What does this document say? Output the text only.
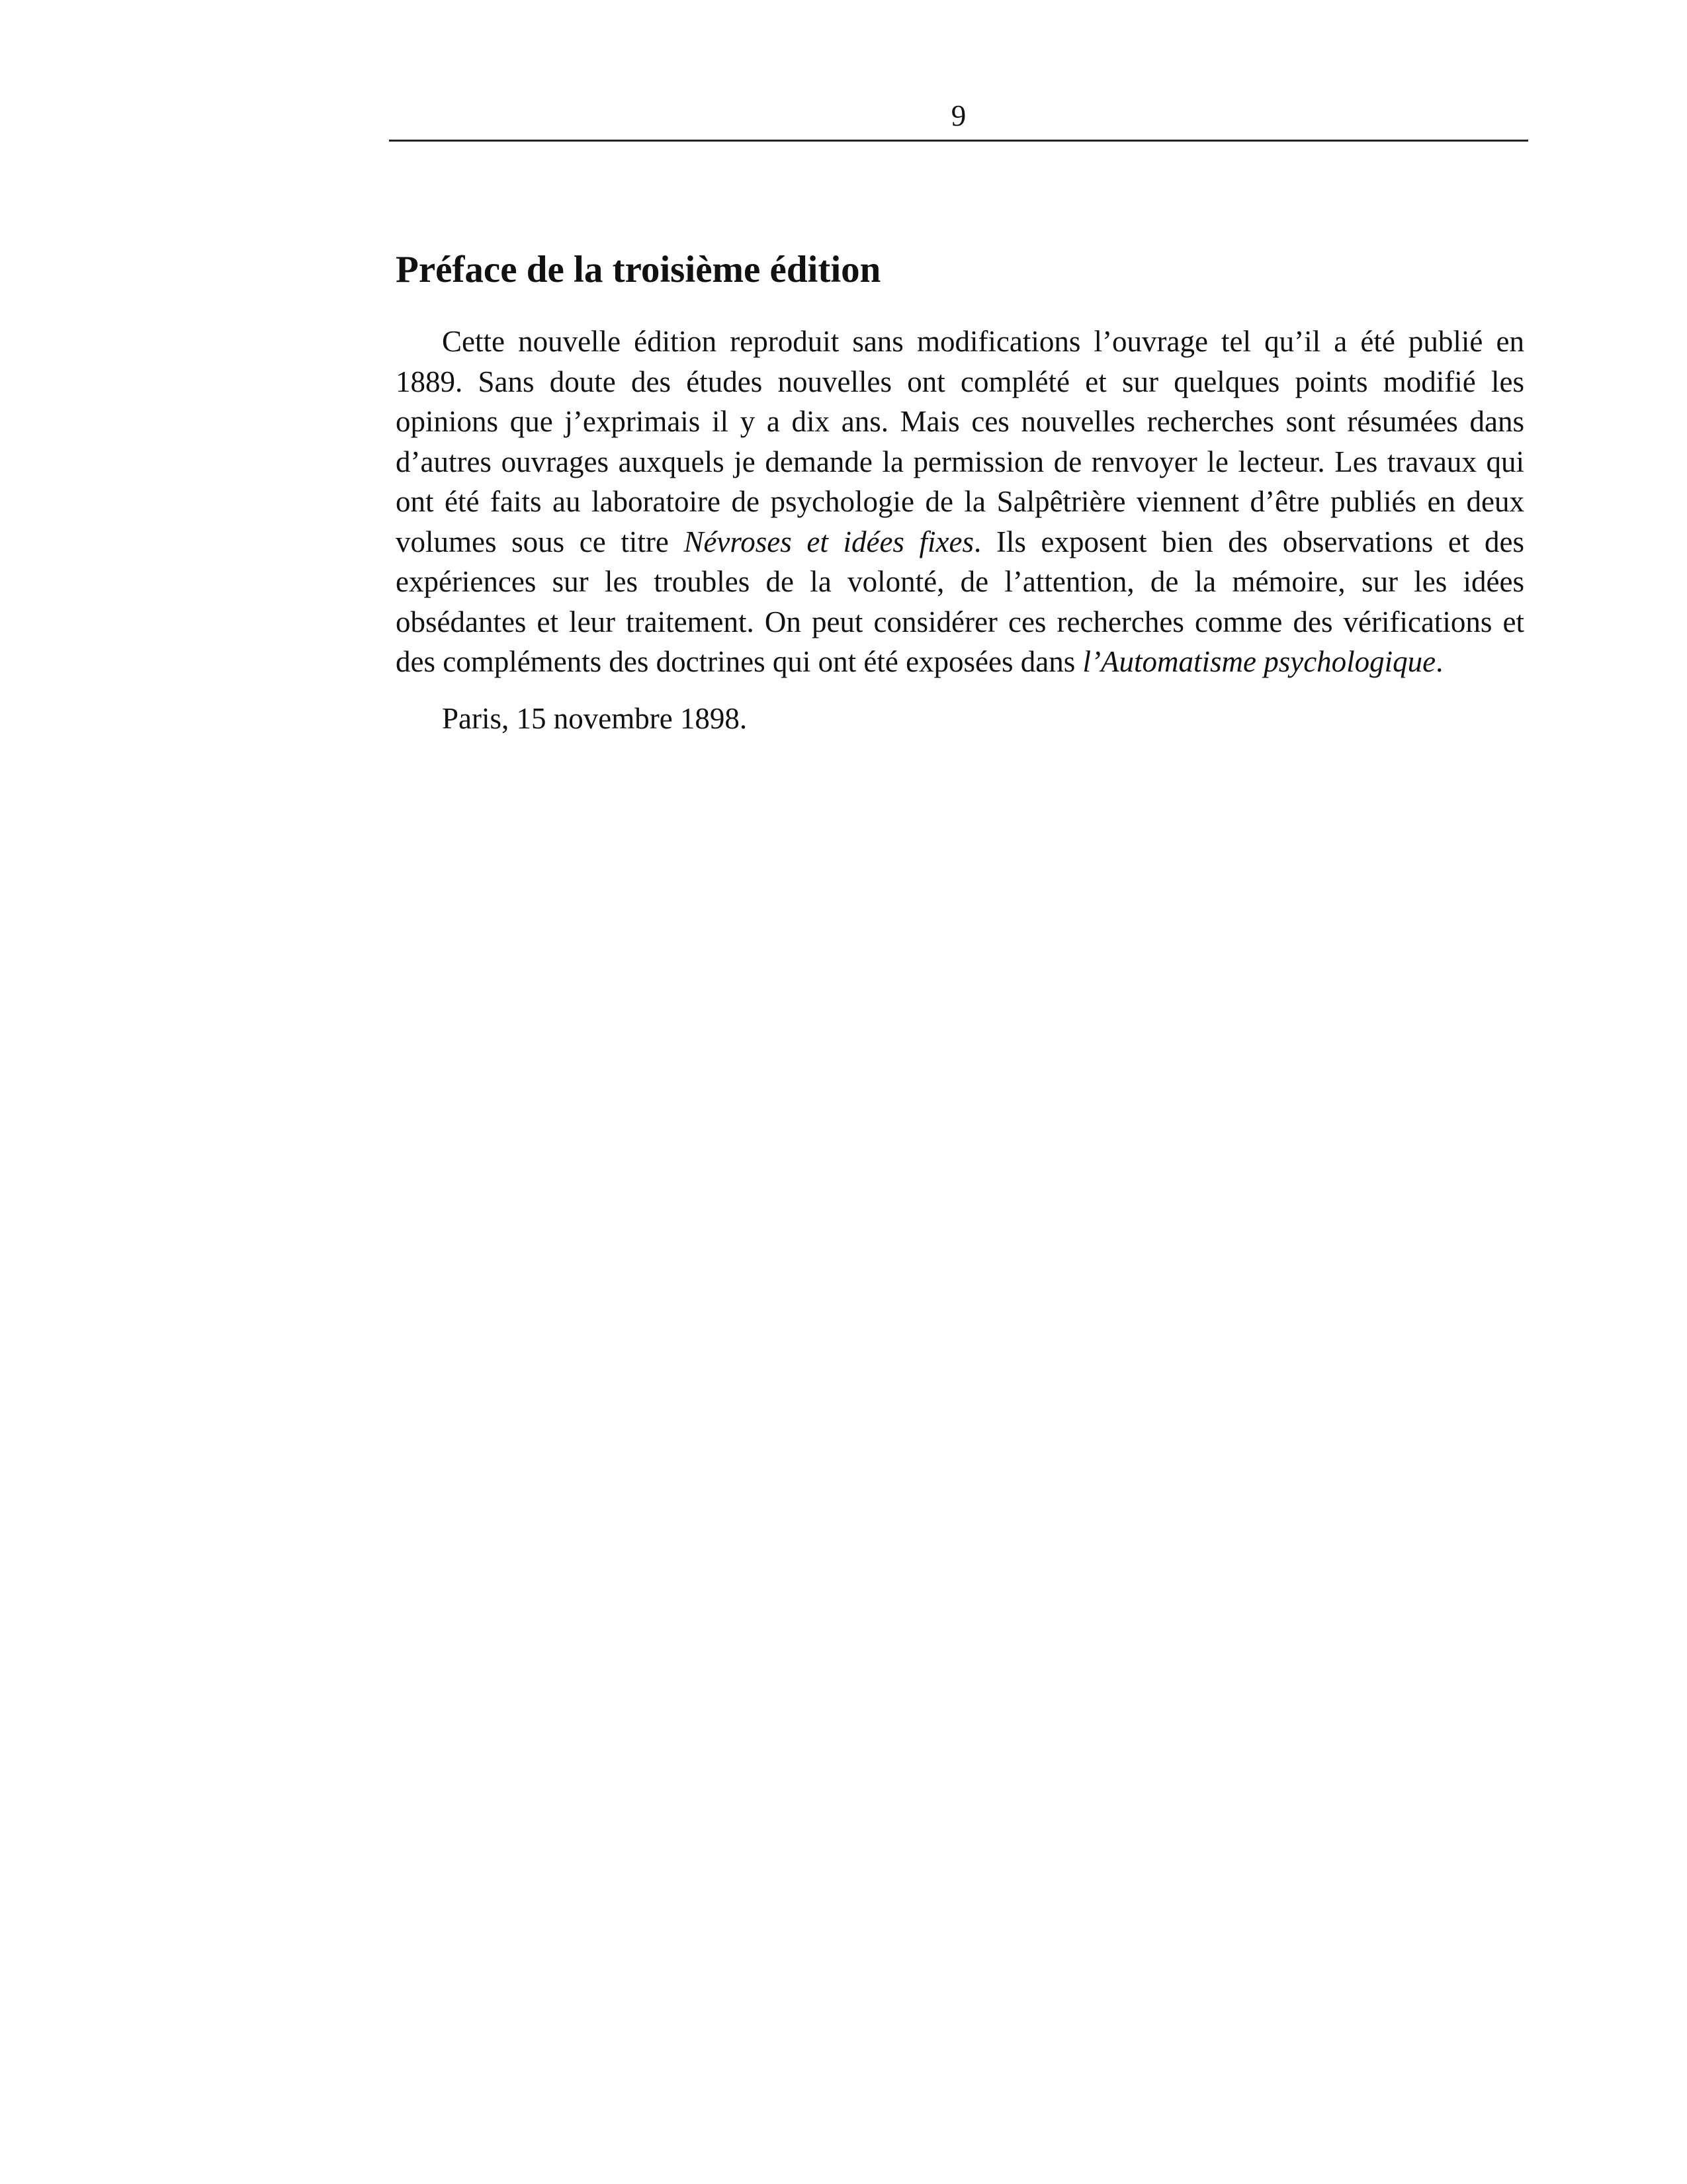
9
Préface de la troisième édition

Cette nouvelle édition reproduit sans modifications l’ouvrage tel qu’il a été publié en 1889. Sans doute des études nouvelles ont complété et sur quelques points modifié les opinions que j’exprimais il y a dix ans. Mais ces nouvelles recherches sont résumées dans d’autres ouvrages auxquels je demande la permission de renvoyer le lecteur. Les travaux qui ont été faits au laboratoire de psychologie de la Salpêtrière viennent d’être publiés en deux volumes sous ce titre Névroses et idées fixes. Ils exposent bien des observations et des expériences sur les troubles de la volonté, de l’attention, de la mémoire, sur les idées obsédantes et leur traitement. On peut considérer ces recherches comme des vérifications et des compléments des doctrines qui ont été exposées dans l’Automatisme psychologique.

Paris, 15 novembre 1898.
